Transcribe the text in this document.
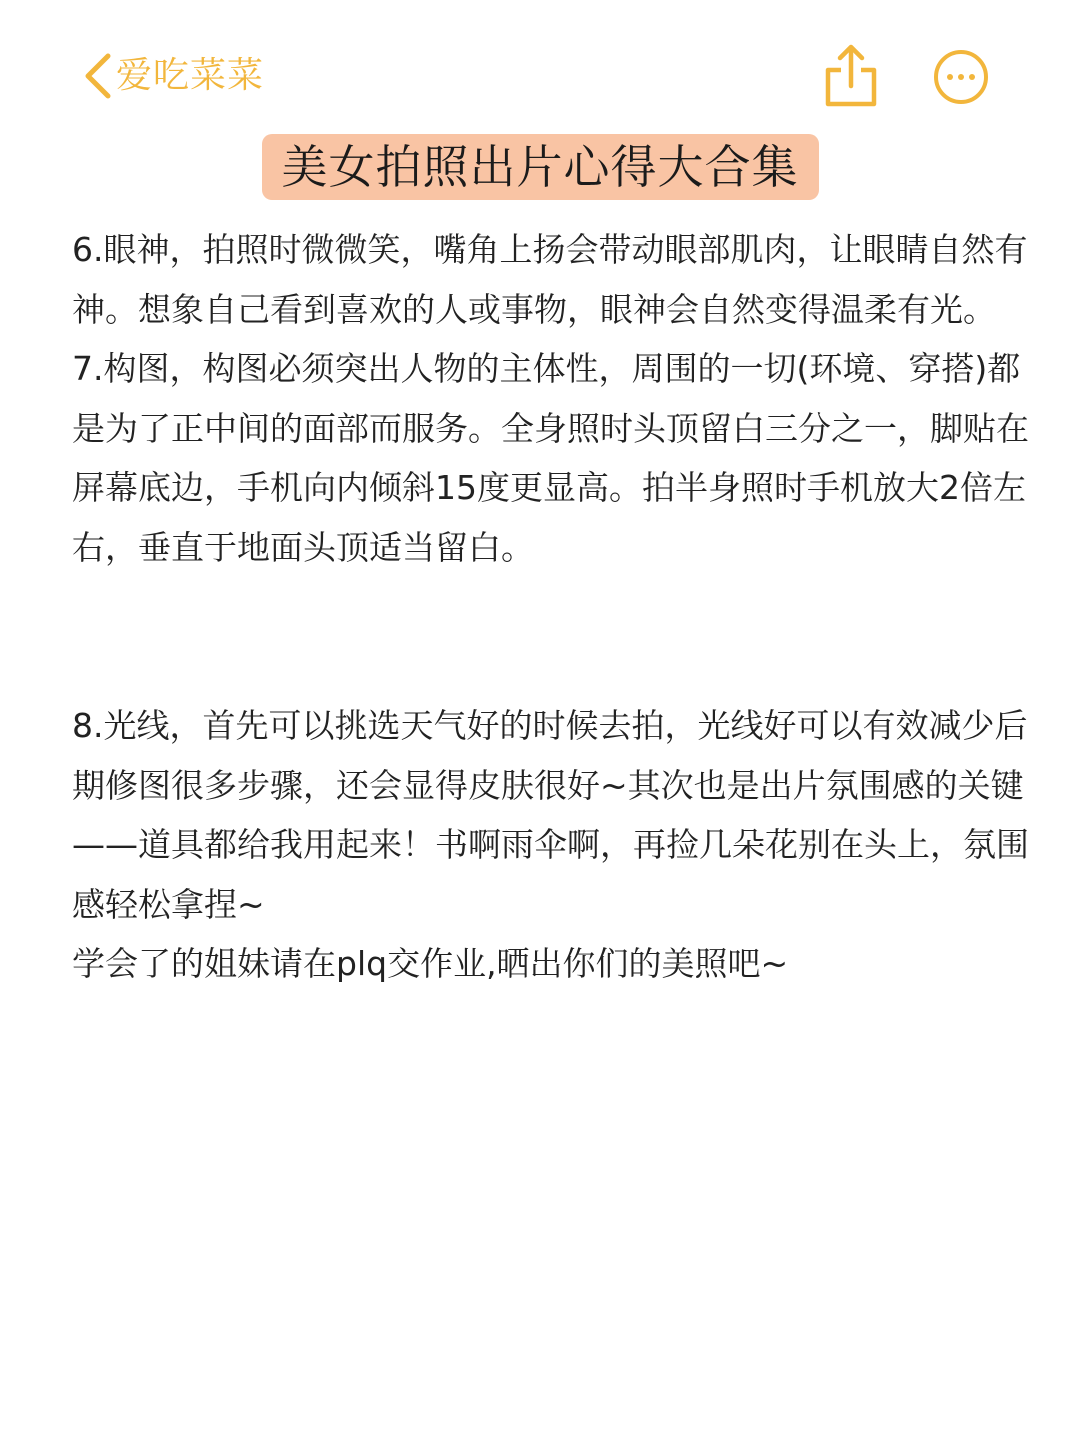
爱吃菜菜
美女拍照出片心得大合集

6.眼神，拍照时微微笑，嘴角上扬会带动眼部肌肉，让眼睛自然有神。想象自己看到喜欢的人或事物，眼神会自然变得温柔有光。

7.构图，构图必须突出人物的主体性，周围的一切(环境、穿搭)都是为了正中间的面部而服务。全身照时头顶留白三分之一，脚贴在屏幕底边，手机向内倾斜15度更显高。拍半身照时手机放大2倍左右，垂直于地面头顶适当留白。

8.光线，首先可以挑选天气好的时候去拍，光线好可以有效减少后期修图很多步骤，还会显得皮肤很好~其次也是出片氛围感的关键——道具都给我用起来！书啊雨伞啊，再捡几朵花别在头上，氛围感轻松拿捏~

学会了的姐妹请在plq交作业,晒出你们的美照吧~
